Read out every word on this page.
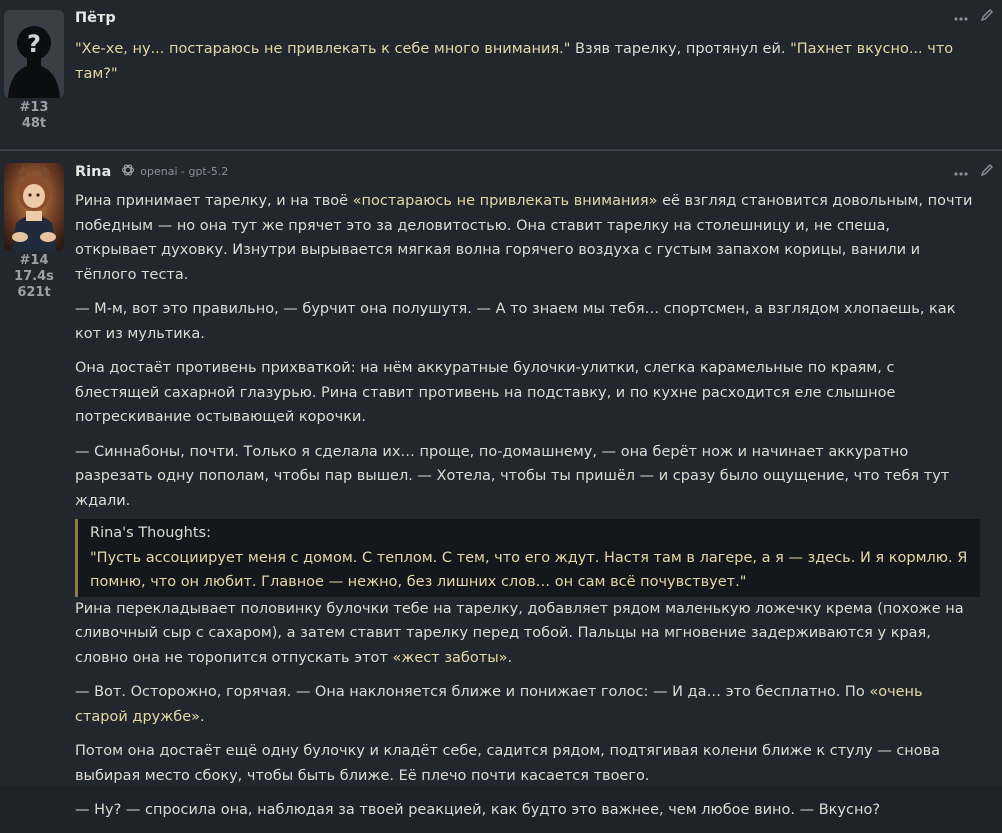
?
#13
48t
Пётр

"Хе-хе, ну... постараюсь не привлекать к себе много внимания." Взяв тарелку, протянул ей. "Пахнет вкусно... что там?"

#14
17.4s
621t
Rina	openai - gpt-5.2

Рина принимает тарелку, и на твоё «постараюсь не привлекать внимания» её взгляд становится довольным, почти победным — но она тут же прячет это за деловитостью. Она ставит тарелку на столешницу и, не спеша, открывает духовку. Изнутри вырывается мягкая волна горячего воздуха с густым запахом корицы, ванили и тёплого теста.

— М-м, вот это правильно, — бурчит она полушутя. — А то знаем мы тебя… спортсмен, а взглядом хлопаешь, как кот из мультика.

Она достаёт противень прихваткой: на нём аккуратные булочки-улитки, слегка карамельные по краям, с блестящей сахарной глазурью. Рина ставит противень на подставку, и по кухне расходится еле слышное потрескивание остывающей корочки.

— Синнабоны, почти. Только я сделала их… проще, по-домашнему, — она берёт нож и начинает аккуратно разрезать одну пополам, чтобы пар вышел. — Хотела, чтобы ты пришёл — и сразу было ощущение, что тебя тут ждали.

Rina's Thoughts:
"Пусть ассоциирует меня с домом. С теплом. С тем, что его ждут. Настя там в лагере, а я — здесь. И я кормлю. Я помню, что он любит. Главное — нежно, без лишних слов… он сам всё почувствует."

Рина перекладывает половинку булочки тебе на тарелку, добавляет рядом маленькую ложечку крема (похоже на сливочный сыр с сахаром), а затем ставит тарелку перед тобой. Пальцы на мгновение задерживаются у края, словно она не торопится отпускать этот «жест заботы».

— Вот. Осторожно, горячая. — Она наклоняется ближе и понижает голос: — И да… это бесплатно. По «очень старой дружбе».

Потом она достаёт ещё одну булочку и кладёт себе, садится рядом, подтягивая колени ближе к стулу — снова выбирая место сбоку, чтобы быть ближе. Её плечо почти касается твоего.

— Ну? — спросила она, наблюдая за твоей реакцией, как будто это важнее, чем любое вино. — Вкусно?
